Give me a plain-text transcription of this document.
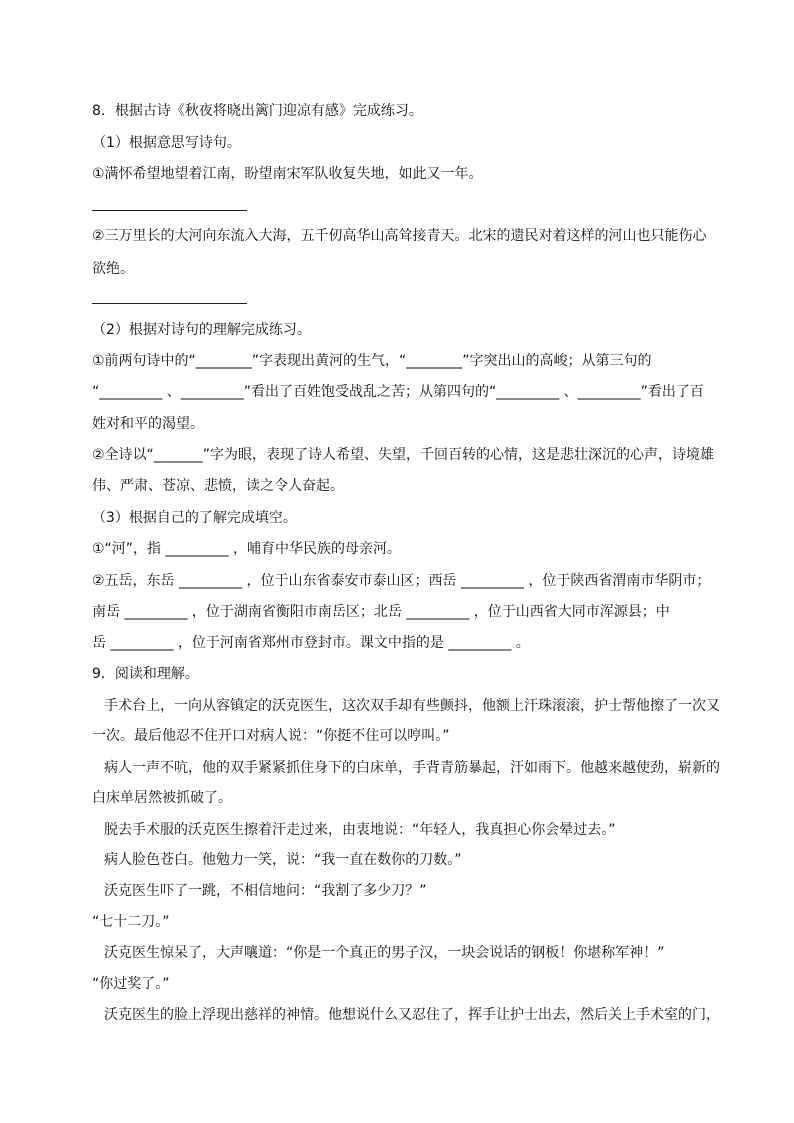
8．根据古诗《秋夜将晓出篱门迎凉有感》完成练习。
（1）根据意思写诗句。
①满怀希望地望着江南，盼望南宋军队收复失地，如此又一年。
②三万里长的大河向东流入大海，五千仞高华山高耸接青天。北宋的遗民对着这样的河山也只能伤心
欲绝。
（2）根据对诗句的理解完成练习。
①前两句诗中的“________”字表现出黄河的生气，“________”字突出山的高峻；从第三句的
“_________ 、_________”看出了百姓饱受战乱之苦；从第四句的“_________ 、_________”看出了百
姓对和平的渴望。
②全诗以“_______”字为眼，表现了诗人希望、失望，千回百转的心情，这是悲壮深沉的心声，诗境雄
伟、严肃、苍凉、悲愤，读之令人奋起。
（3）根据自己的了解完成填空。
①“河”，指 _________ ，哺育中华民族的母亲河。
②五岳，东岳 _________ ，位于山东省泰安市泰山区；西岳 _________ ，位于陕西省渭南市华阴市；
南岳 _________ ，位于湖南省衡阳市南岳区；北岳 _________ ，位于山西省大同市浑源县；中
岳 _________ ，位于河南省郑州市登封市。课文中指的是 _________ 。
9．阅读和理解。
手术台上，一向从容镇定的沃克医生，这次双手却有些颤抖，他额上汗珠滚滚，护士帮他擦了一次又
一次。最后他忍不住开口对病人说：“你挺不住可以哼叫。”
病人一声不吭，他的双手紧紧抓住身下的白床单，手背青筋暴起，汗如雨下。他越来越使劲，崭新的
白床单居然被抓破了。
脱去手术服的沃克医生擦着汗走过来，由衷地说：“年轻人，我真担心你会晕过去。”
病人脸色苍白。他勉力一笑，说：“我一直在数你的刀数。”
沃克医生吓了一跳，不相信地问：“我割了多少刀？”
“七十二刀。”
沃克医生惊呆了，大声嚷道：“你是一个真正的男子汉，一块会说话的钢板！你堪称军神！”
“你过奖了。”
沃克医生的脸上浮现出慈祥的神情。他想说什么又忍住了，挥手让护士出去，然后关上手术室的门，
